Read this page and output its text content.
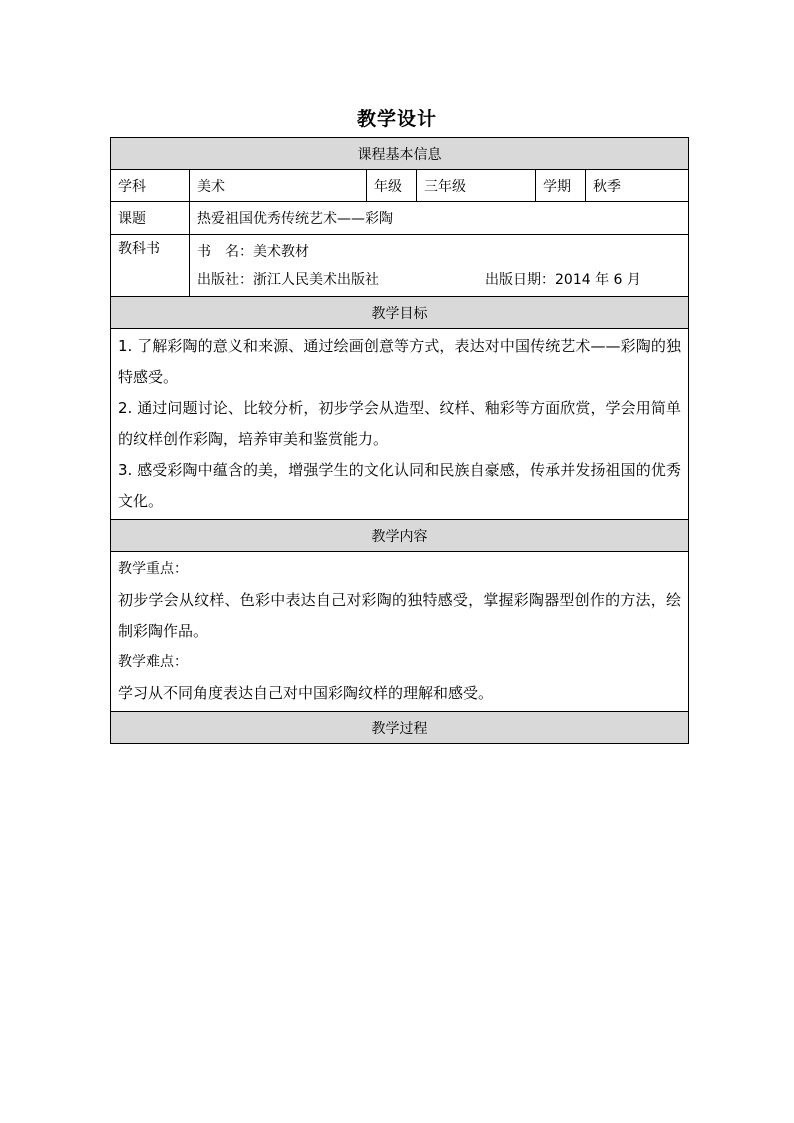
教学设计
课程基本信息					
学科	美术	年级	三年级	学期	秋季
课题	热爱祖国优秀传统艺术——彩陶				
教科书	书　名：美术教材
出版社：浙江人民美术出版社 出版日期：2014 年 6 月				

教学目标					

1. 了解彩陶的意义和来源、通过绘画创意等方式，表达对中国传统艺术——彩陶的独特感受。
2. 通过问题讨论、比较分析，初步学会从造型、纹样、釉彩等方面欣赏，学会用简单的纹样创作彩陶，培养审美和鉴赏能力。
3. 感受彩陶中蕴含的美，增强学生的文化认同和民族自豪感，传承并发扬祖国的优秀文化。					

教学内容					

教学重点：
初步学会从纹样、色彩中表达自己对彩陶的独特感受，掌握彩陶器型创作的方法，绘制彩陶作品。
教学难点：
学习从不同角度表达自己对中国彩陶纹样的理解和感受。					

教学过程					
